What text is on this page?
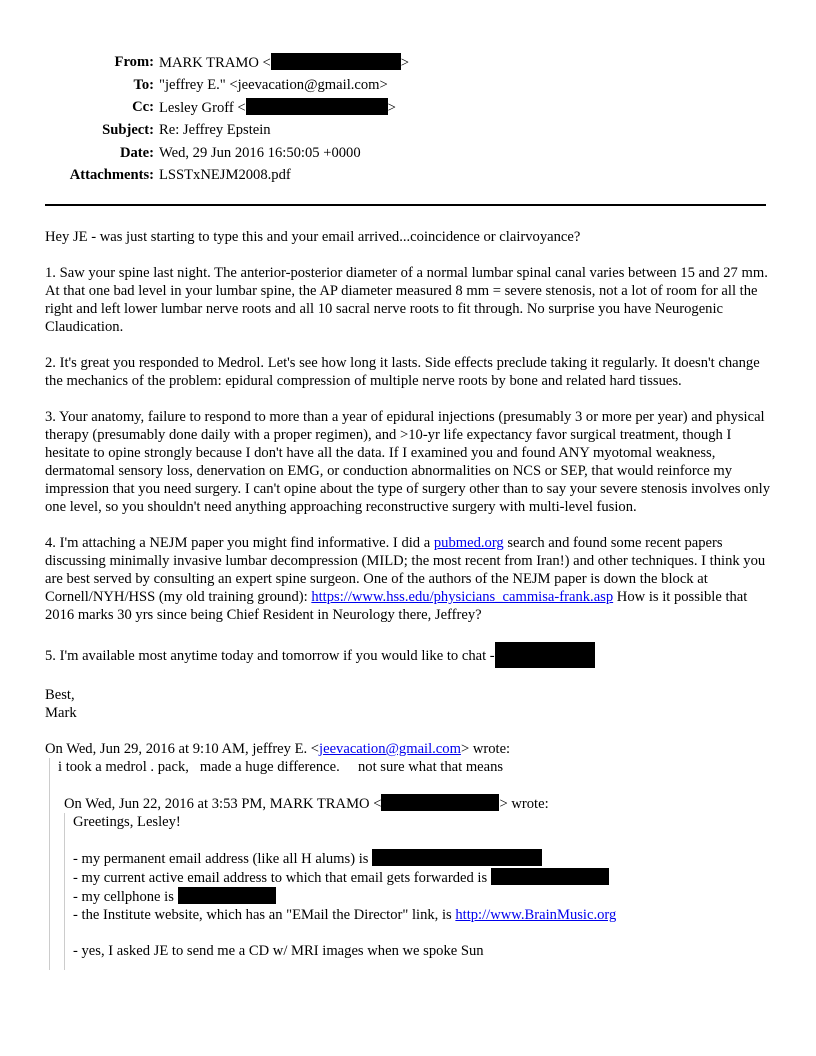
From:	MARK TRAMO < >
To:	"jeffrey E." <jeevacation@gmail.com>
Cc:	Lesley Groff < >
Subject:	Re: Jeffrey Epstein
Date:	Wed, 29 Jun 2016 16:50:05 +0000
Attachments:	LSSTxNEJM2008.pdf

Hey JE - was just starting to type this and your email arrived...coincidence or clairvoyance?

1. Saw your spine last night. The anterior-posterior diameter of a normal lumbar spinal canal varies between 15 and 27 mm. At that one bad level in your lumbar spine, the AP diameter measured 8 mm = severe stenosis, not a lot of room for all the right and left lower lumbar nerve roots and all 10 sacral nerve roots to fit through. No surprise you have Neurogenic Claudication.

2. It's great you responded to Medrol. Let's see how long it lasts. Side effects preclude taking it regularly. It doesn't change the mechanics of the problem: epidural compression of multiple nerve roots by bone and related hard tissues.

3. Your anatomy, failure to respond to more than a year of epidural injections (presumably 3 or more per year) and physical therapy (presumably done daily with a proper regimen), and >10-yr life expectancy favor surgical treatment, though I hesitate to opine strongly because I don't have all the data. If I examined you and found ANY myotomal weakness, dermatomal sensory loss, denervation on EMG, or conduction abnormalities on NCS or SEP, that would reinforce my impression that you need surgery. I can't opine about the type of surgery other than to say your severe stenosis involves only one level, so you shouldn't need anything approaching reconstructive surgery with multi-level fusion.

4. I'm attaching a NEJM paper you might find informative. I did a pubmed.org search and found some recent papers discussing minimally invasive lumbar decompression (MILD; the most recent from Iran!) and other techniques. I think you are best served by consulting an expert spine surgeon. One of the authors of the NEJM paper is down the block at Cornell/NYH/HSS (my old training ground): https://www.hss.edu/physicians_cammisa-frank.asp How is it possible that 2016 marks 30 yrs since being Chief Resident in Neurology there, Jeffrey?

5. I'm available most anytime today and tomorrow if you would like to chat -

Best,
Mark

On Wed, Jun 29, 2016 at 9:10 AM, jeffrey E. <jeevacation@gmail.com> wrote:
i took a medrol . pack,   made a huge difference.     not sure what that means
On Wed, Jun 22, 2016 at 3:53 PM, MARK TRAMO <	> wrote:
Greetings, Lesley!
- my permanent email address (like all H alums) is
- my current active email address to which that email gets forwarded is
- my cellphone is
- the Institute website, which has an "EMail the Director" link, is http://www.BrainMusic.org
- yes, I asked JE to send me a CD w/ MRI images when we spoke Sun
